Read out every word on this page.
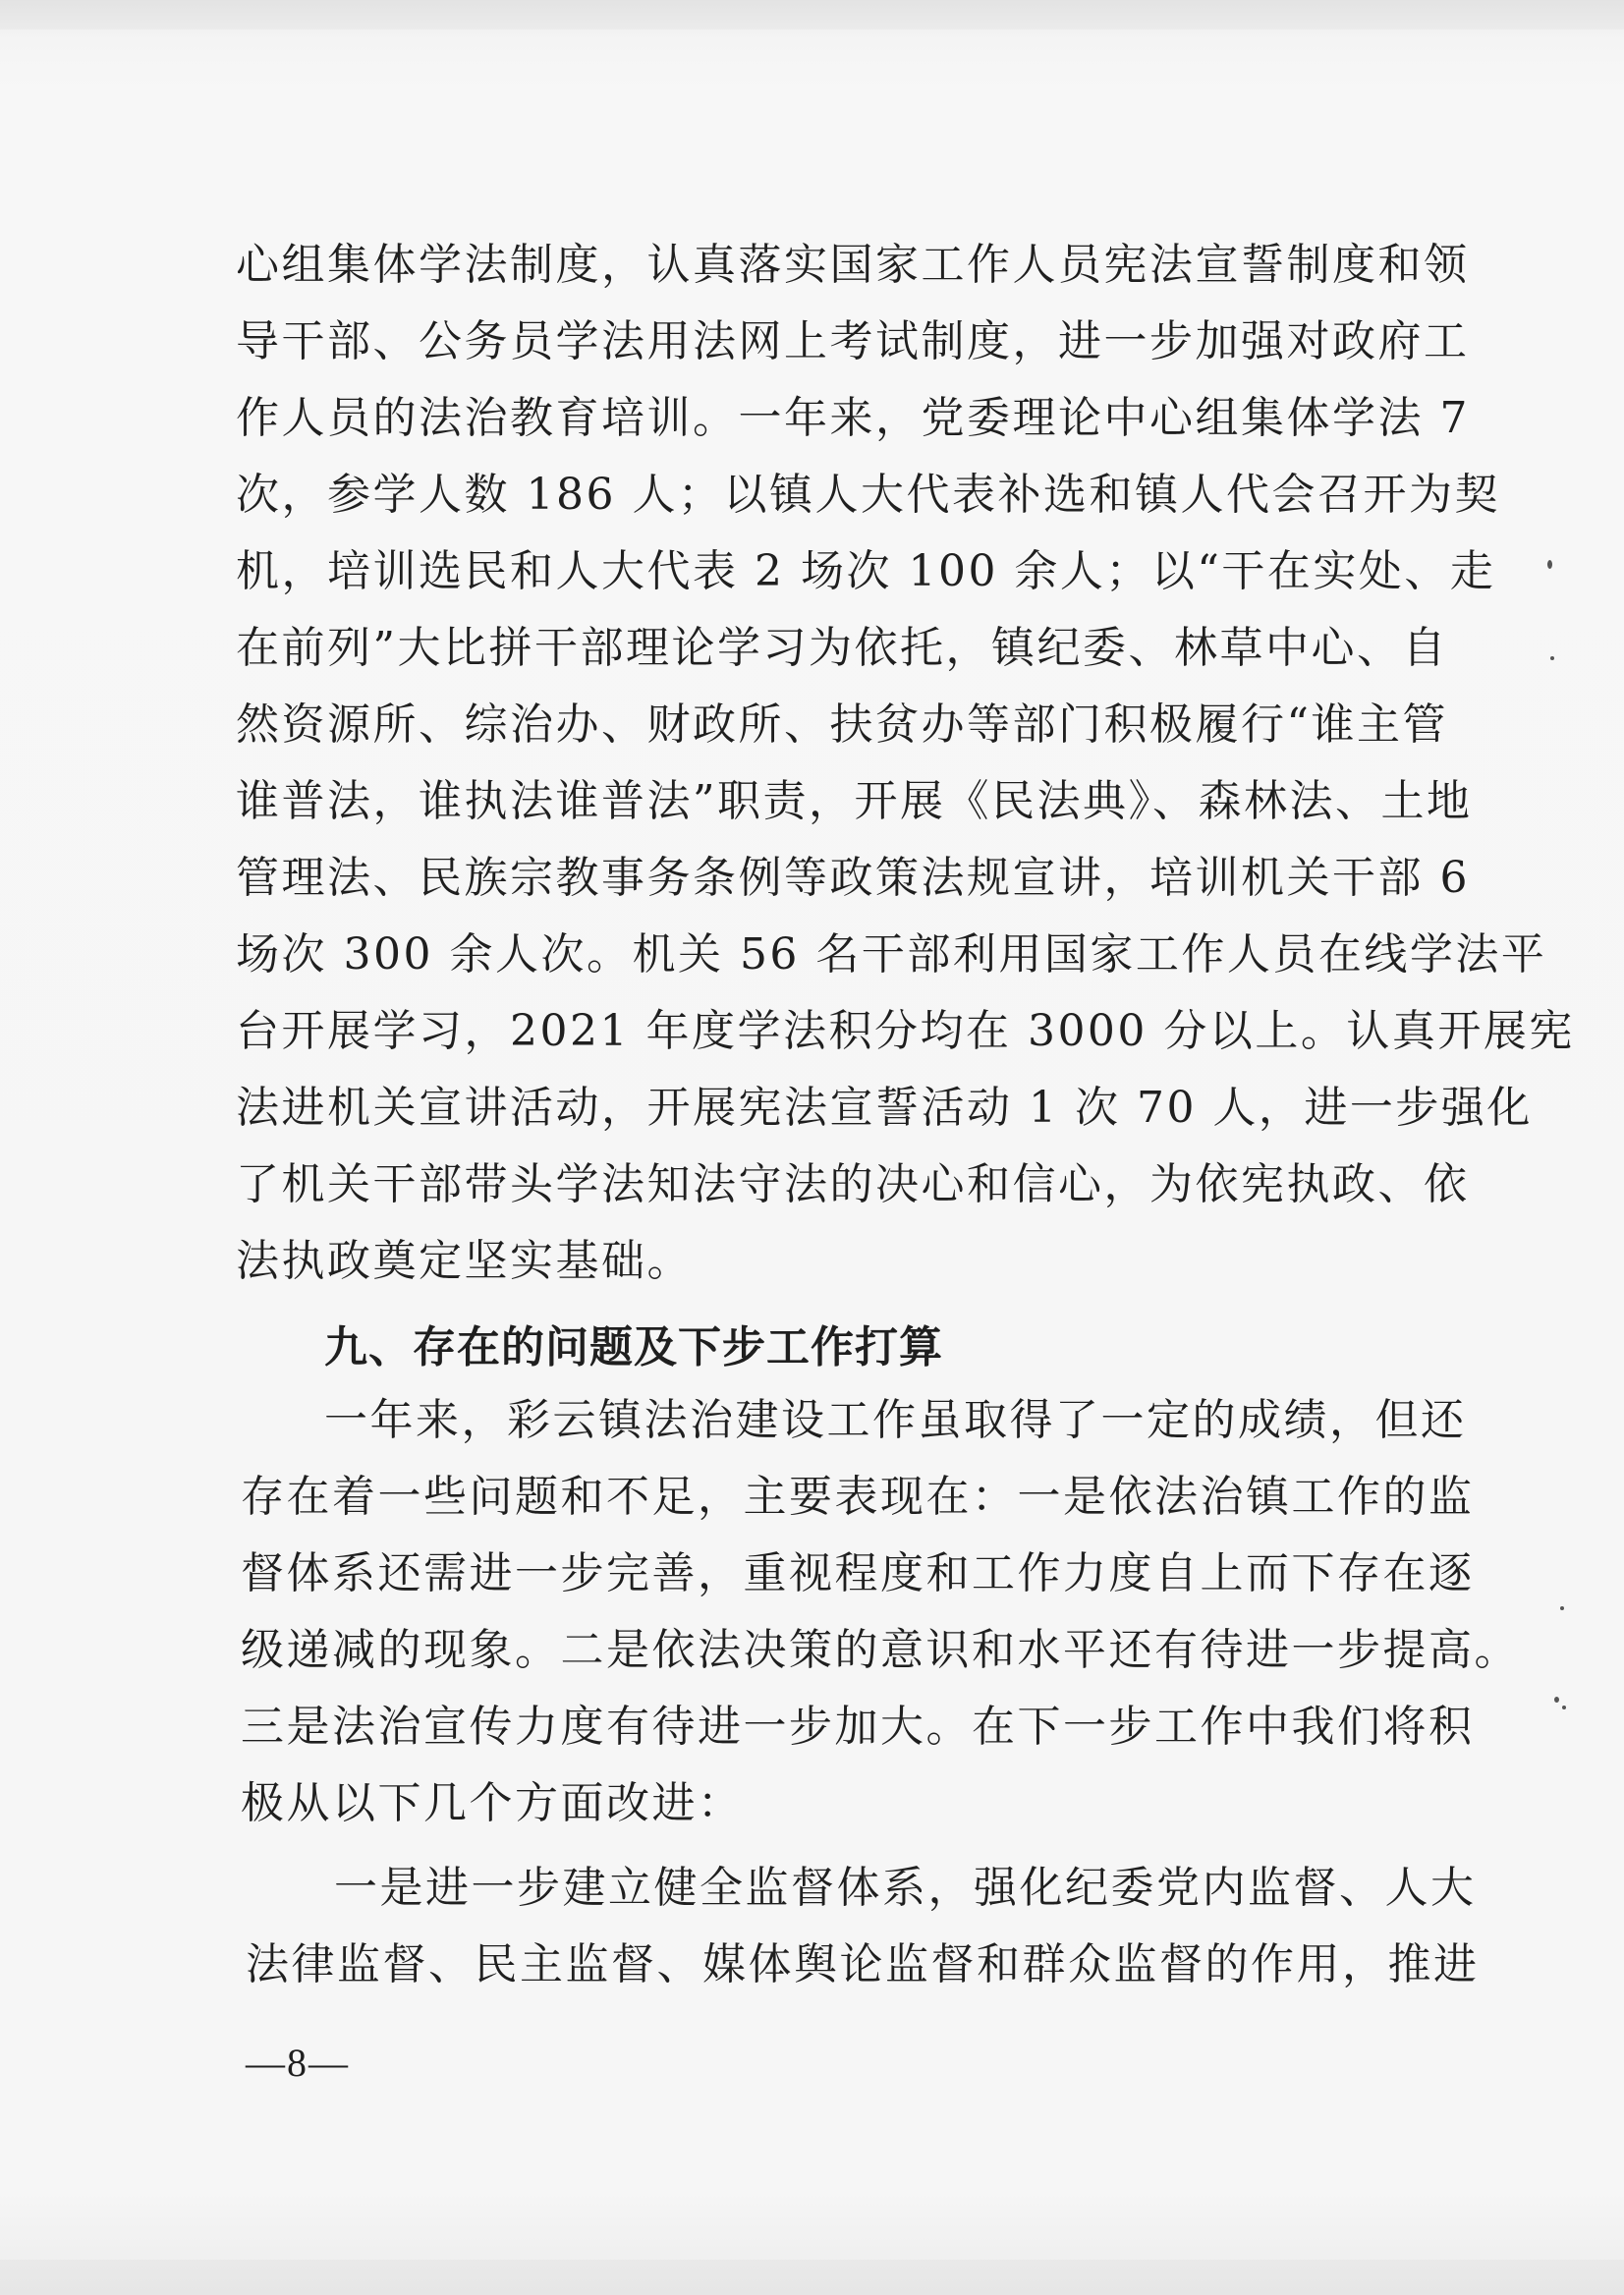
心组集体学法制度，认真落实国家工作人员宪法宣誓制度和领
导干部、公务员学法用法网上考试制度，进一步加强对政府工
作人员的法治教育培训。一年来，党委理论中心组集体学法 7
次，参学人数 186 人；以镇人大代表补选和镇人代会召开为契
机，培训选民和人大代表 2 场次 100 余人；以“干在实处、走
在前列”大比拼干部理论学习为依托，镇纪委、林草中心、自
然资源所、综治办、财政所、扶贫办等部门积极履行“谁主管
谁普法，谁执法谁普法”职责，开展《民法典》、森林法、土地
管理法、民族宗教事务条例等政策法规宣讲，培训机关干部 6
场次 300 余人次。机关 56 名干部利用国家工作人员在线学法平
台开展学习，2021 年度学法积分均在 3000 分以上。认真开展宪
法进机关宣讲活动，开展宪法宣誓活动 1 次 70 人，进一步强化
了机关干部带头学法知法守法的决心和信心，为依宪执政、依
法执政奠定坚实基础。
九、存在的问题及下步工作打算
一年来，彩云镇法治建设工作虽取得了一定的成绩，但还
存在着一些问题和不足，主要表现在：一是依法治镇工作的监
督体系还需进一步完善，重视程度和工作力度自上而下存在逐
级递减的现象。二是依法决策的意识和水平还有待进一步提高。
三是法治宣传力度有待进一步加大。在下一步工作中我们将积
极从以下几个方面改进：
一是进一步建立健全监督体系，强化纪委党内监督、人大
法律监督、民主监督、媒体舆论监督和群众监督的作用，推进
—8—
